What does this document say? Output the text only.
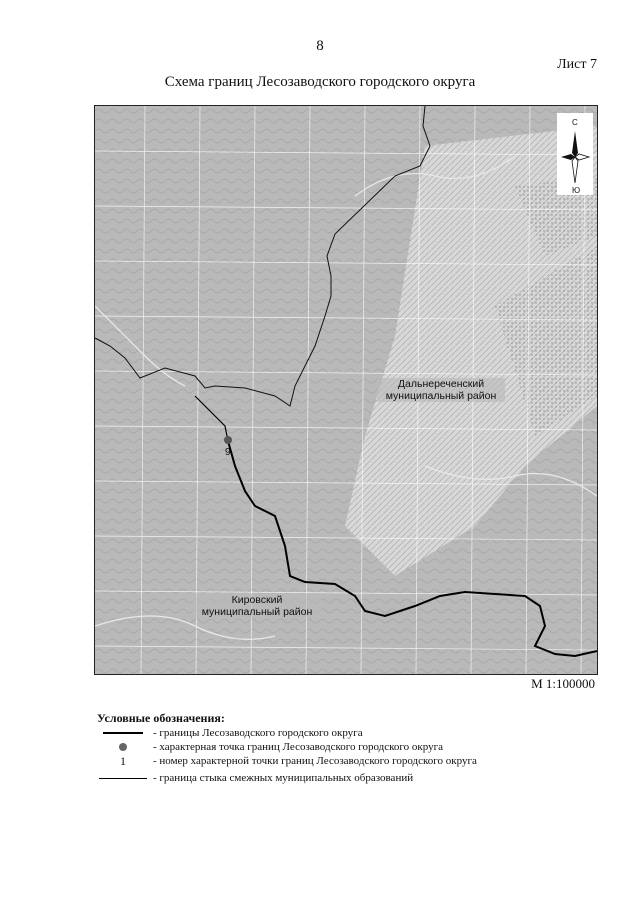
8
Лист 7
Схема границ Лесозаводского городского округа
С
Ю
9
Дальнереченский
муниципальный район
Кировский
муниципальный район
М 1:100000
Условные обозначения:
- границы Лесозаводского городского округа
- характерная точка границ Лесозаводского городского округа
1	- номер характерной точки границ Лесозаводского городского округа
- граница стыка смежных муниципальных образований
